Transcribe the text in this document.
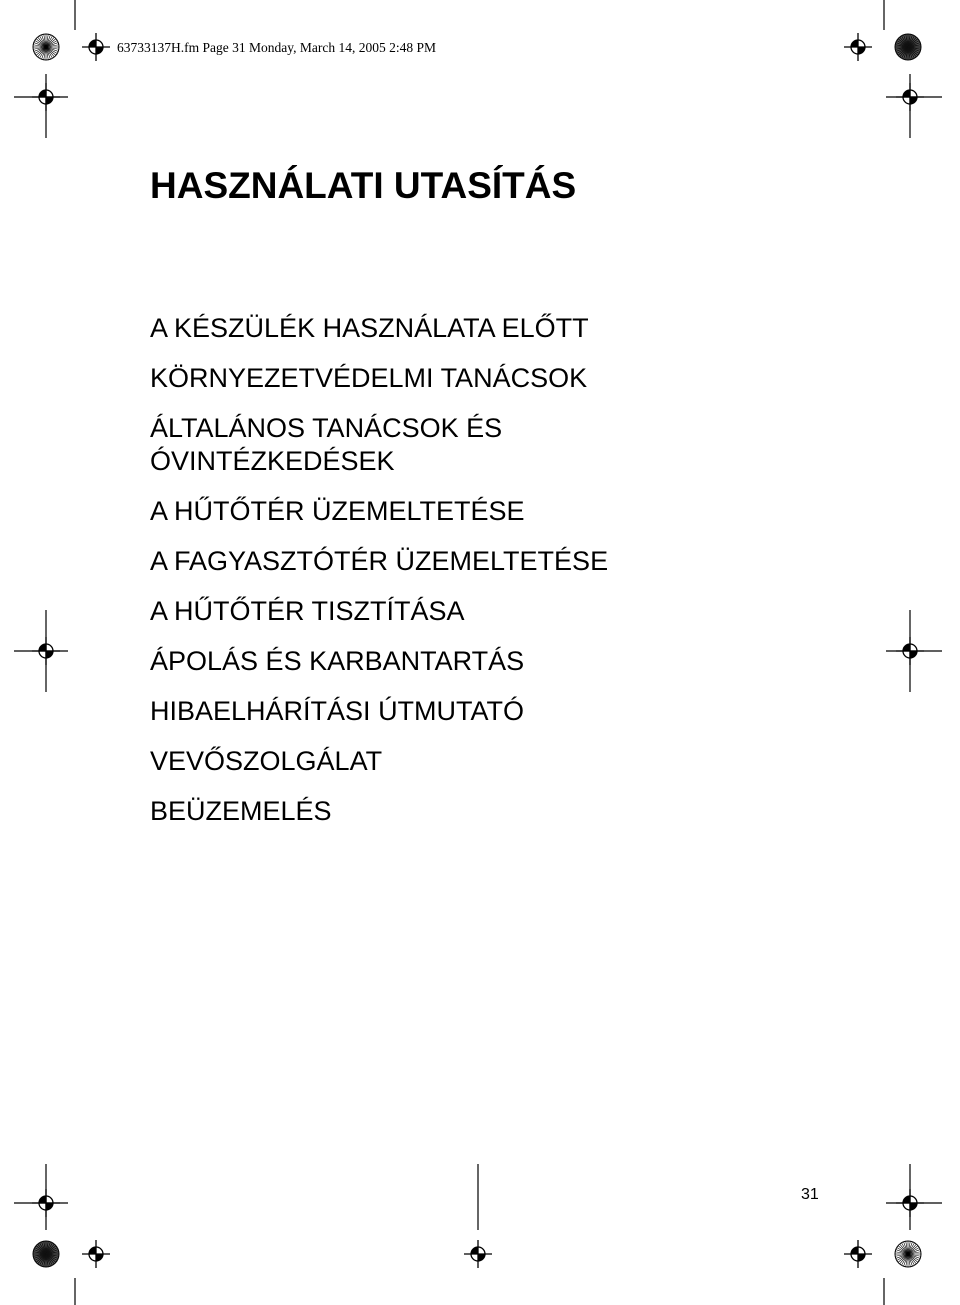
63733137H.fm Page 31 Monday, March 14, 2005 2:48 PM
HASZNÁLATI UTASÍTÁS
A KÉSZÜLÉK HASZNÁLATA ELŐTT
KÖRNYEZETVÉDELMI TANÁCSOK
ÁLTALÁNOS TANÁCSOK ÉS ÓVINTÉZKEDÉSEK
A HŰTŐTÉR ÜZEMELTETÉSE
A FAGYASZTÓTÉR ÜZEMELTETÉSE
A HŰTŐTÉR TISZTÍTÁSA
ÁPOLÁS ÉS KARBANTARTÁS
HIBAELHÁRÍTÁSI ÚTMUTATÓ
VEVŐSZOLGÁLAT
BEÜZEMELÉS
31
